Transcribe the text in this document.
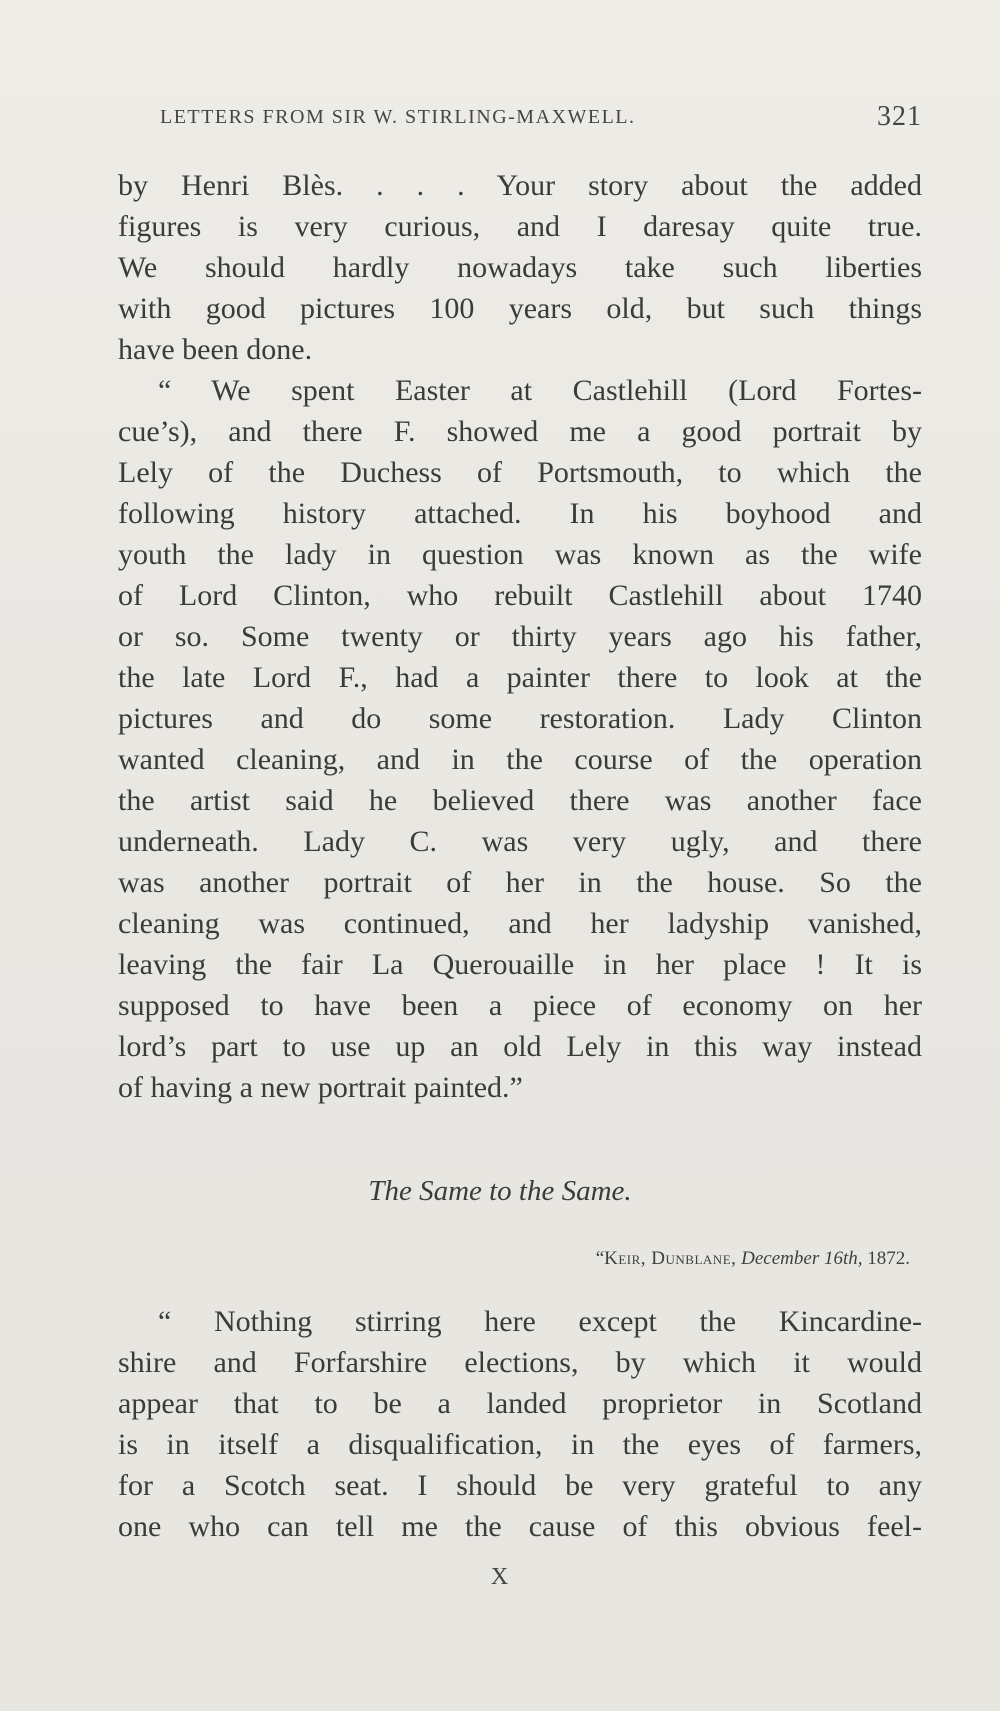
LETTERS FROM SIR W. STIRLING-MAXWELL.	321
by Henri Blès. . . . Your story about the added
figures is very curious, and I daresay quite true.
We should hardly nowadays take such liberties
with good pictures 100 years old, but such things
have been done.
“ We spent Easter at Castlehill (Lord Fortes-
cue’s), and there F. showed me a good portrait by
Lely of the Duchess of Portsmouth, to which the
following history attached. In his boyhood and
youth the lady in question was known as the wife
of Lord Clinton, who rebuilt Castlehill about 1740
or so. Some twenty or thirty years ago his father,
the late Lord F., had a painter there to look at the
pictures and do some restoration. Lady Clinton
wanted cleaning, and in the course of the operation
the artist said he believed there was another face
underneath. Lady C. was very ugly, and there
was another portrait of her in the house. So the
cleaning was continued, and her ladyship vanished,
leaving the fair La Querouaille in her place ! It is
supposed to have been a piece of economy on her
lord’s part to use up an old Lely in this way instead
of having a new portrait painted.”
The Same to the Same.
“Keir, Dunblane, December 16th, 1872.
“ Nothing stirring here except the Kincardine-
shire and Forfarshire elections, by which it would
appear that to be a landed proprietor in Scotland
is in itself a disqualification, in the eyes of farmers,
for a Scotch seat. I should be very grateful to any
one who can tell me the cause of this obvious feel-
X
